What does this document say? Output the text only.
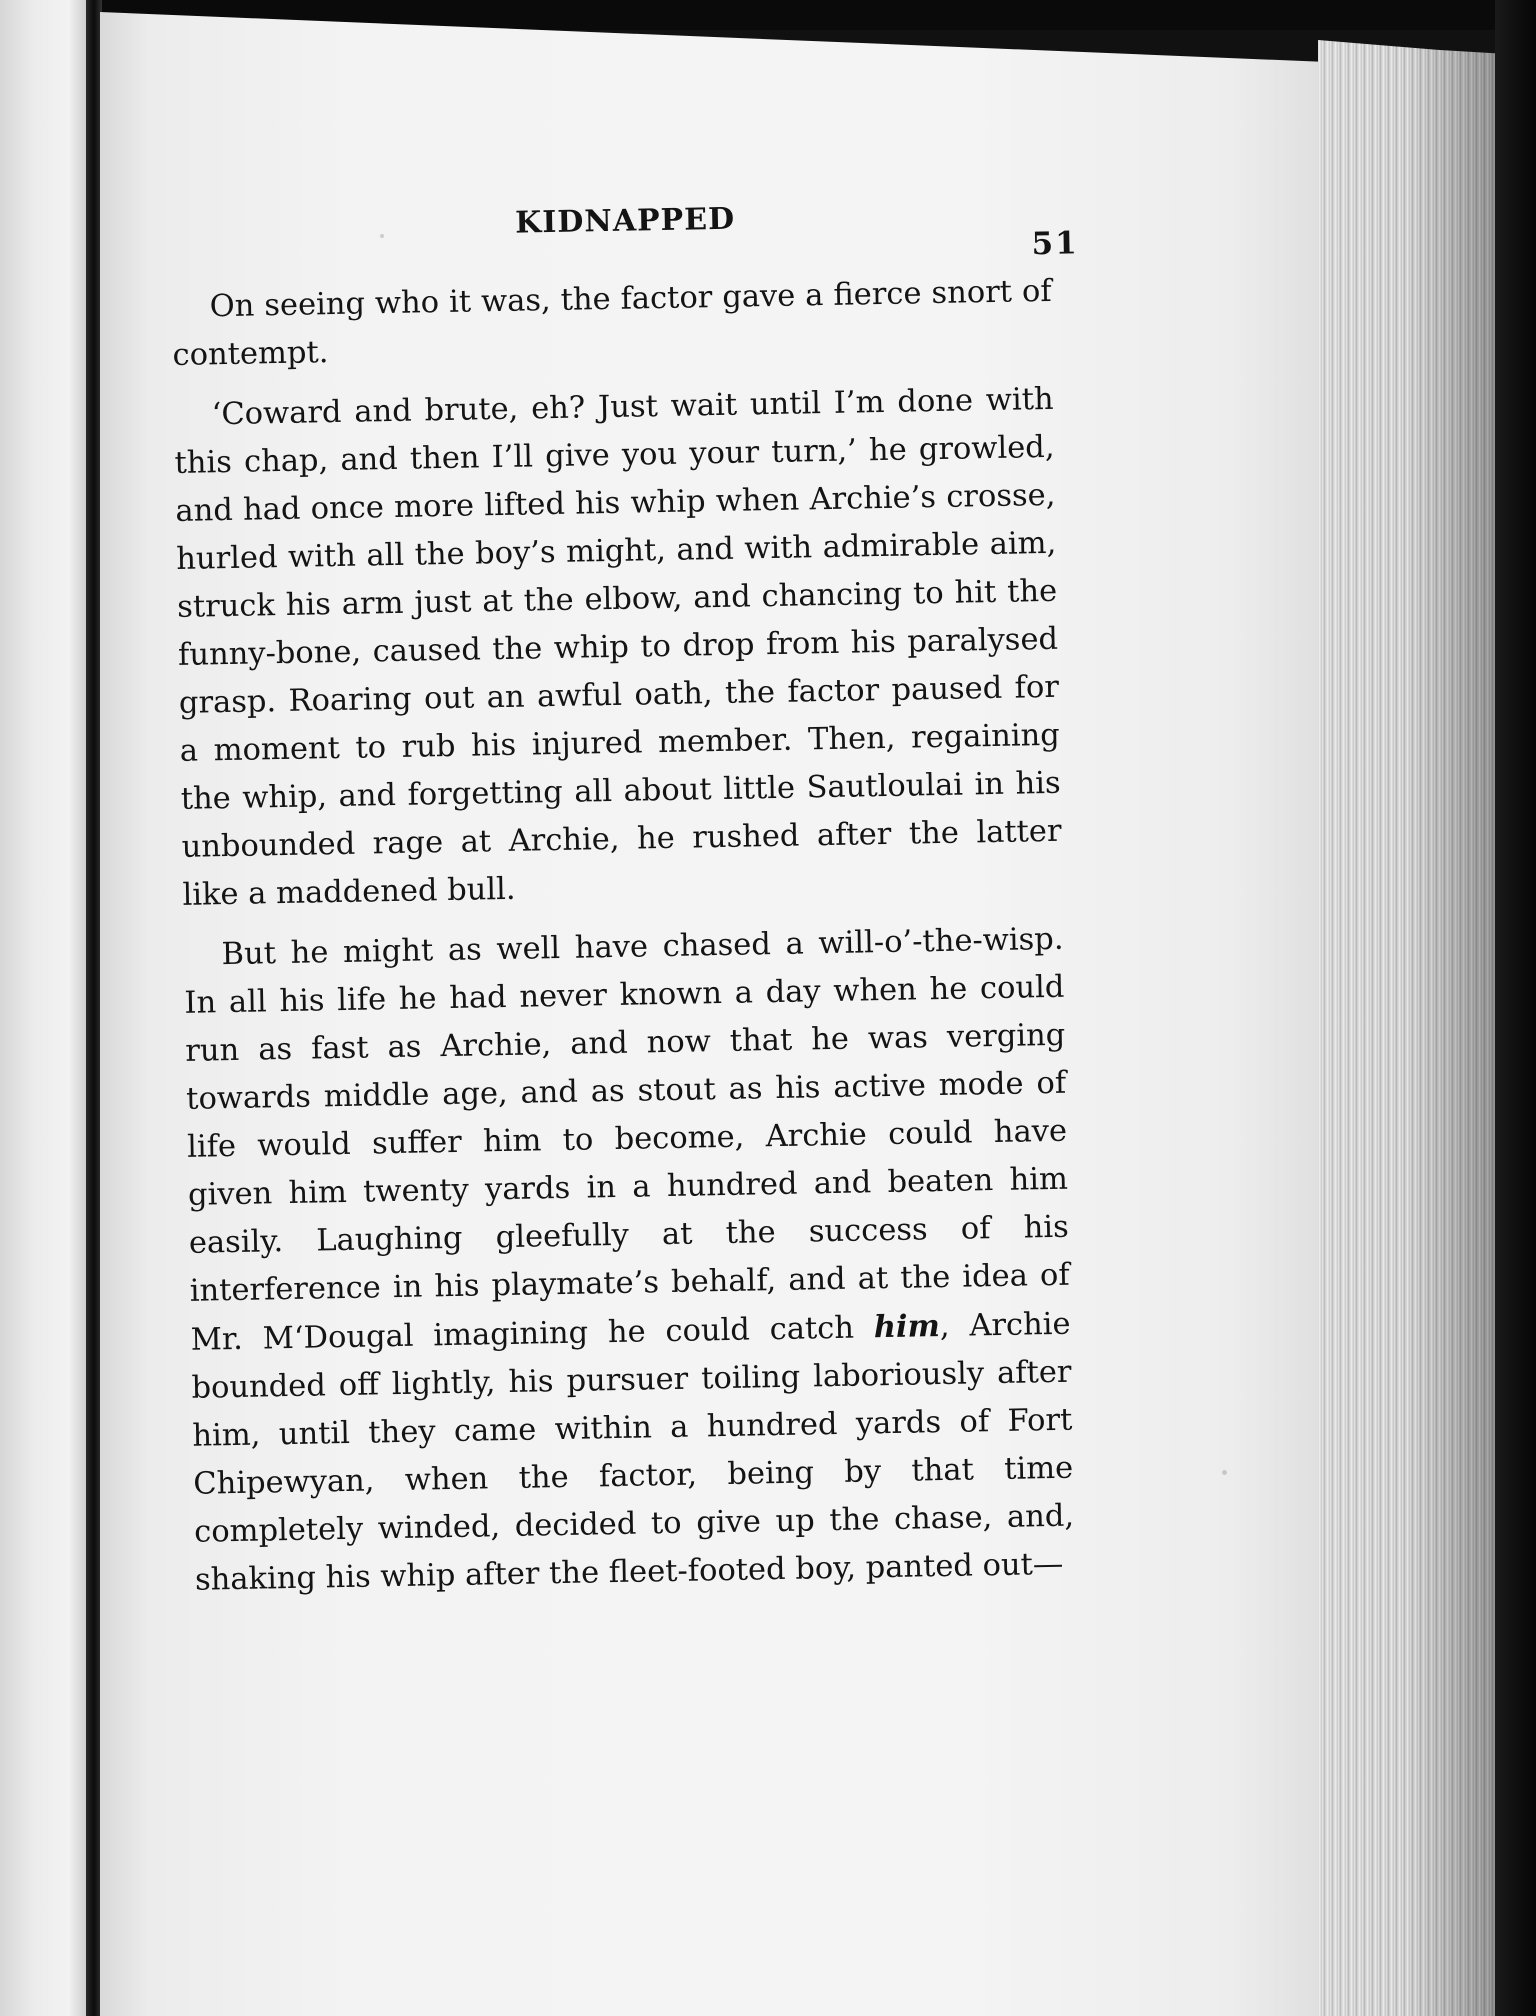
KIDNAPPED
51

On seeing who it was, the factor gave a fierce snort of contempt.

‘Coward and brute, eh? Just wait until I’m done with this chap, and then I’ll give you your turn,’ he growled, and had once more lifted his whip when Archie’s crosse, hurled with all the boy’s might, and with admirable aim, struck his arm just at the elbow, and chancing to hit the funny-bone, caused the whip to drop from his paralysed grasp. Roaring out an awful oath, the factor paused for a moment to rub his injured member. Then, regaining the whip, and forgetting all about little Sautloulai in his unbounded rage at Archie, he rushed after the latter like a maddened bull.

But he might as well have chased a will-o’-the-wisp. In all his life he had never known a day when he could run as fast as Archie, and now that he was verging towards middle age, and as stout as his active mode of life would suffer him to become, Archie could have given him twenty yards in a hundred and beaten him easily. Laughing gleefully at the success of his interference in his playmate’s behalf, and at the idea of Mr. M‘Dougal imagining he could catch him, Archie bounded off lightly, his pursuer toiling laboriously after him, until they came within a hundred yards of Fort Chipewyan, when the factor, being by that time completely winded, decided to give up the chase, and, shaking his whip after the fleet-footed boy, panted out—
